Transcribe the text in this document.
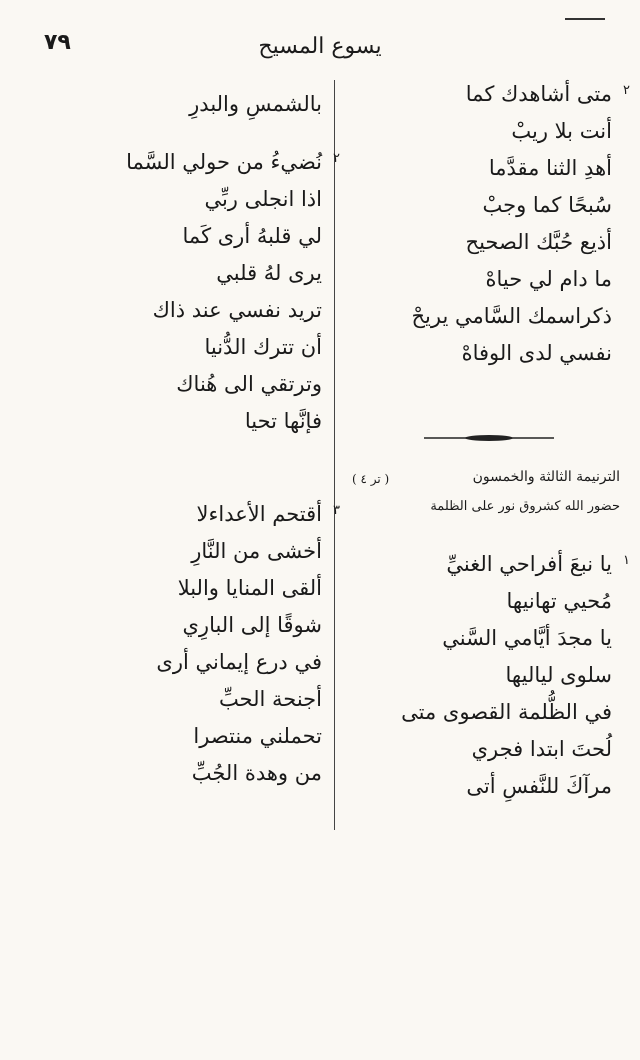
٧٩	يسوع المسيح
٢
متى أشاهدك كما
أنت بلا ريبْ
أهدِ الثنا مقدَّما
سُبحًا كما وجبْ
أذيع حُبَّك الصحيح
ما دام لي حياهْ
ذكراسمك السَّامي يريحْ
نفسي لدى الوفاهْ
الترنيمة الثالثة والخمسون
( تر ٤ )
حضور الله كشروق نور على الظلمة
١
يا نبعَ أفراحي الغنيِّ
مُحيي تهانيها
يا مجدَ أيَّامي السَّني
سلوى لياليها
في الظُّلمة القصوى متى
لُحتَ ابتدا فجري
مرآكَ للنَّفسِ أتى
بالشمسِ والبدرِ
٢
نُضيءُ من حولي السَّما
اذا انجلى ربِّي
لي قلبهُ أرى كَما
يرى لهُ قلبي
تريد نفسي عند ذاك
أن تترك الدُّنيا
وترتقي الى هُناك
فإنَّها تحيا
٣
أقتحم الأعداءلا
أخشى من النَّارِ
ألقى المنايا والبلا
شوقًا إلى البارِي
في درع إيماني أرى
أجنحة الحبِّ
تحملني منتصرا
من وهدة الجُبِّ
